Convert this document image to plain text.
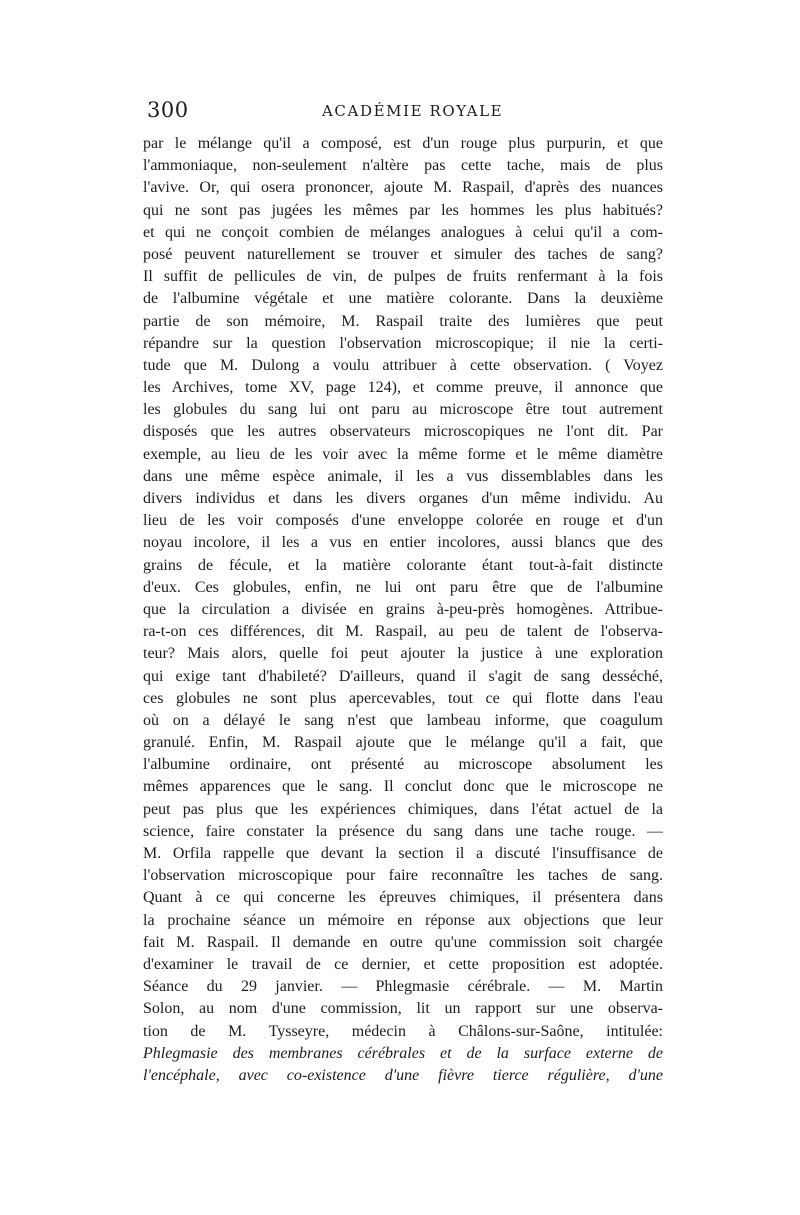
300	ACADÉMIE ROYALE
par le mélange qu'il a composé, est d'un rouge plus purpurin, et que
l'ammoniaque, non-seulement n'altère pas cette tache, mais de plus
l'avive. Or, qui osera prononcer, ajoute M. Raspail, d'après des nuances
qui ne sont pas jugées les mêmes par les hommes les plus habitués?
et qui ne conçoit combien de mélanges analogues à celui qu'il a com-
posé peuvent naturellement se trouver et simuler des taches de sang?
Il suffit de pellicules de vin, de pulpes de fruits renfermant à la fois
de l'albumine végétale et une matière colorante. Dans la deuxième
partie de son mémoire, M. Raspail traite des lumières que peut
répandre sur la question l'observation microscopique; il nie la certi-
tude que M. Dulong a voulu attribuer à cette observation. ( Voyez
les Archives, tome XV, page 124), et comme preuve, il annonce que
les globules du sang lui ont paru au microscope être tout autrement
disposés que les autres observateurs microscopiques ne l'ont dit. Par
exemple, au lieu de les voir avec la même forme et le même diamètre
dans une même espèce animale, il les a vus dissemblables dans les
divers individus et dans les divers organes d'un même individu. Au
lieu de les voir composés d'une enveloppe colorée en rouge et d'un
noyau incolore, il les a vus en entier incolores, aussi blancs que des
grains de fécule, et la matière colorante étant tout-à-fait distincte
d'eux. Ces globules, enfin, ne lui ont paru être que de l'albumine
que la circulation a divisée en grains à-peu-près homogènes. Attribue-
ra-t-on ces différences, dit M. Raspail, au peu de talent de l'observa-
teur? Mais alors, quelle foi peut ajouter la justice à une exploration
qui exige tant d'habileté? D'ailleurs, quand il s'agit de sang desséché,
ces globules ne sont plus apercevables, tout ce qui flotte dans l'eau
où on a délayé le sang n'est que lambeau informe, que coagulum
granulé. Enfin, M. Raspail ajoute que le mélange qu'il a fait, que
l'albumine ordinaire, ont présenté au microscope absolument les
mêmes apparences que le sang. Il conclut donc que le microscope ne
peut pas plus que les expériences chimiques, dans l'état actuel de la
science, faire constater la présence du sang dans une tache rouge. —
M. Orfila rappelle que devant la section il a discuté l'insuffisance de
l'observation microscopique pour faire reconnaître les taches de sang.
Quant à ce qui concerne les épreuves chimiques, il présentera dans
la prochaine séance un mémoire en réponse aux objections que leur
fait M. Raspail. Il demande en outre qu'une commission soit chargée
d'examiner le travail de ce dernier, et cette proposition est adoptée.
Séance du 29 janvier. — Phlegmasie cérébrale. — M. Martin
Solon, au nom d'une commission, lit un rapport sur une observa-
tion de M. Tysseyre, médecin à Châlons-sur-Saône, intitulée:
Phlegmasie des membranes cérébrales et de la surface externe de
l'encéphale, avec co-existence d'une fièvre tierce régulière, d'une
